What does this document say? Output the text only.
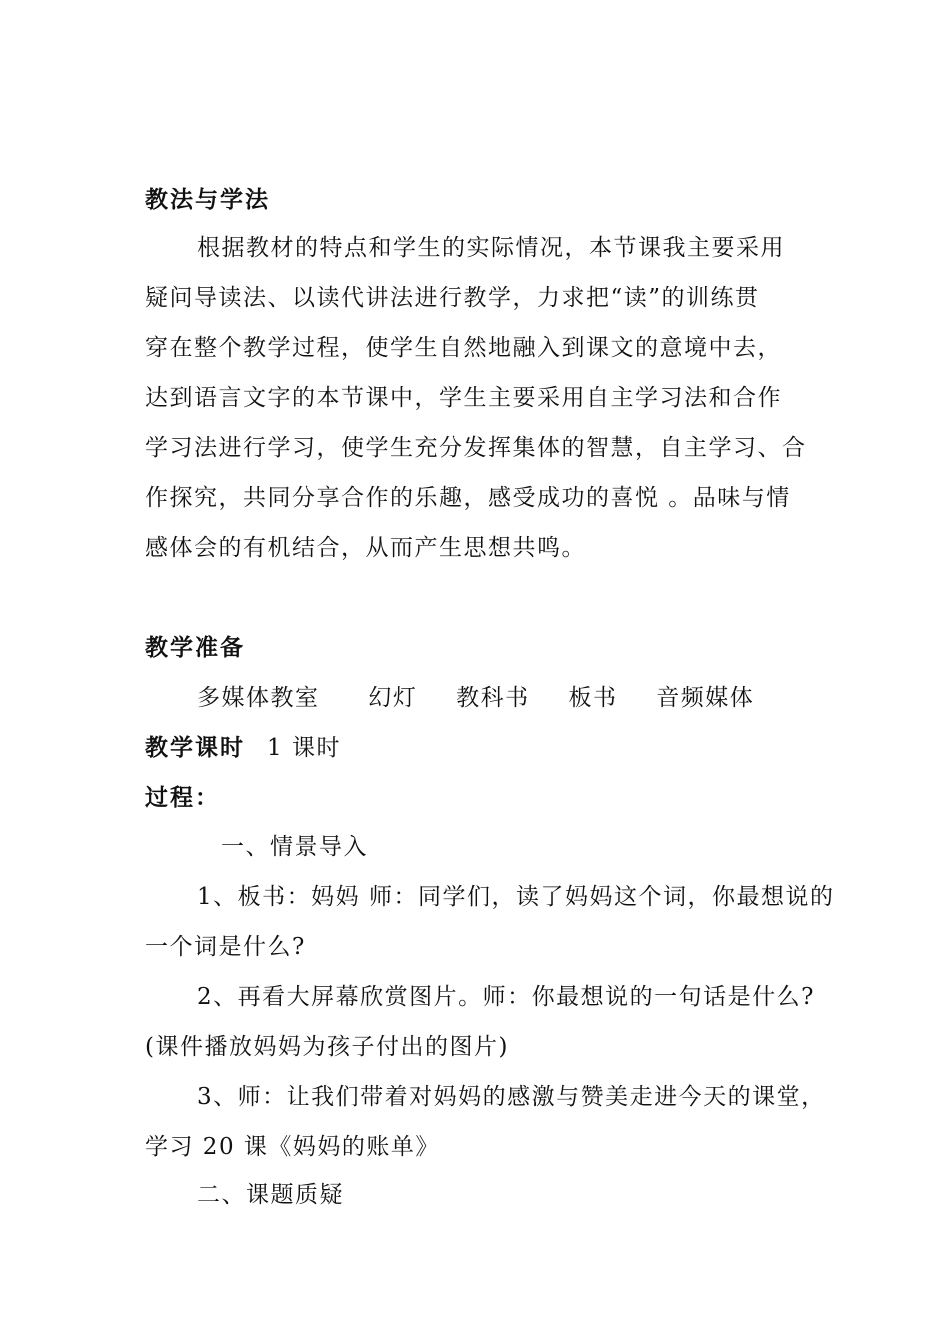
教法与学法
根据教材的特点和学生的实际情况，本节课我主要采用
疑问导读法、以读代讲法进行教学，力求把“读”的训练贯
穿在整个教学过程，使学生自然地融入到课文的意境中去，
达到语言文字的本节课中，学生主要采用自主学习法和合作
学习法进行学习，使学生充分发挥集体的智慧，自主学习、合
作探究，共同分享合作的乐趣，感受成功的喜悦 。品味与情
感体会的有机结合，从而产生思想共鸣。
教学准备
多媒体教室 幻灯 教科书 板书 音频媒体
教学课时 1 课时
过程：
一、情景导入
1、板书：妈妈 师：同学们，读了妈妈这个词，你最想说的
一个词是什么?
2、再看大屏幕欣赏图片。师：你最想说的一句话是什么?
(课件播放妈妈为孩子付出的图片)
3、师：让我们带着对妈妈的感激与赞美走进今天的课堂，
学习 20 课《妈妈的账单》
二、课题质疑
